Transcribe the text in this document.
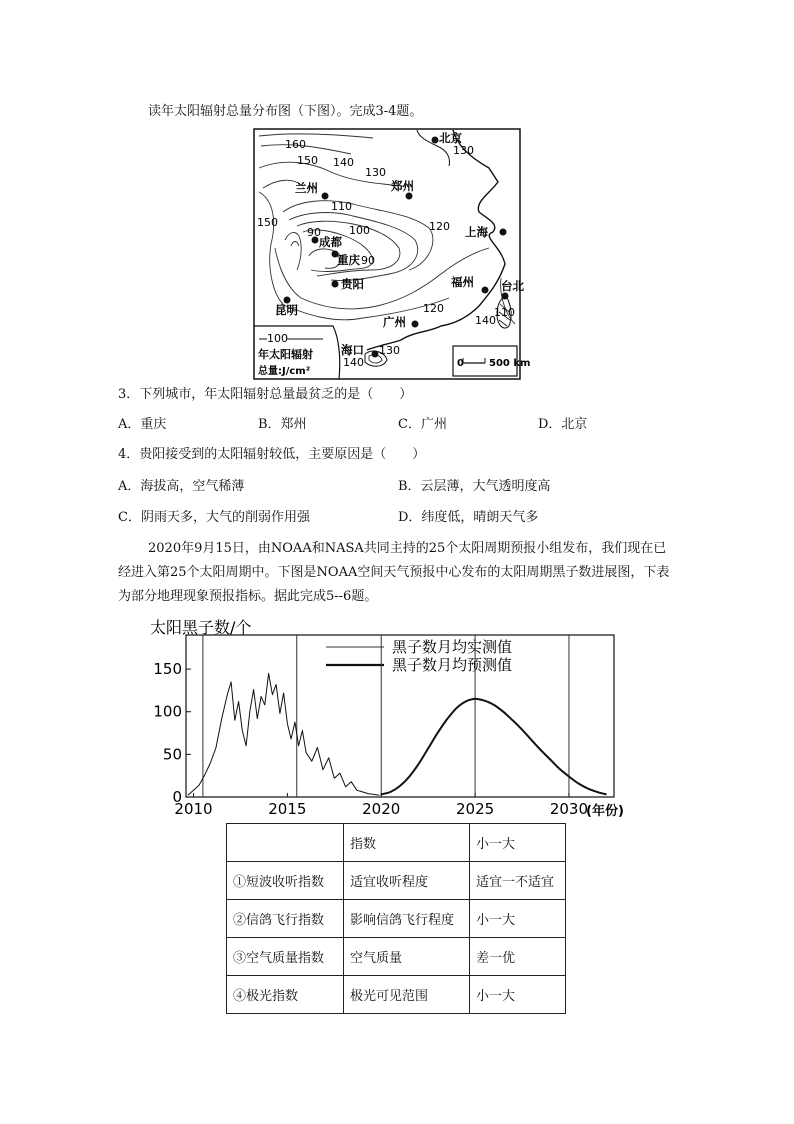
读年太阳辐射总量分布图（下图）。完成3-4题。
100
年太阳辐射
总量:J/cm²
0	500 km
北京
郑州
兰州
成都
重庆
贵阳
昆明
上海
福州 台北
广州
海口
160
150 140
130
130
110
100
90
90
150	120
120
140
110
130
140
3．下列城市，年太阳辐射总量最贫乏的是（　　）
A．重庆	B．郑州	C．广州	D．北京
4．贵阳接受到的太阳辐射较低，主要原因是（　　）
A．海拔高，空气稀薄	B．云层薄，大气透明度高
C．阴雨天多，大气的削弱作用强	D．纬度低，晴朗天气多
2020年9月15日，由NOAA和NASA共同主持的25个太阳周期预报小组发布，我们现在已经进入第25个太阳周期中。下图是NOAA空间天气预报中心发布的太阳周期黑子数进展图，下表为部分地理现象预报指标。据此完成5--6题。
太阳黑子数/个
(年份)
黑子数月均实测值
黑子数月均预测值
0
50
100
150
2010	2015	2020	2025	2030
	指数	小一大
①短波收听指数	适宜收听程度	适宜一不适宜
②信鸽飞行指数	影响信鸽飞行程度	小一大
③空气质量指数	空气质量	差一优
④极光指数	极光可见范围	小一大
